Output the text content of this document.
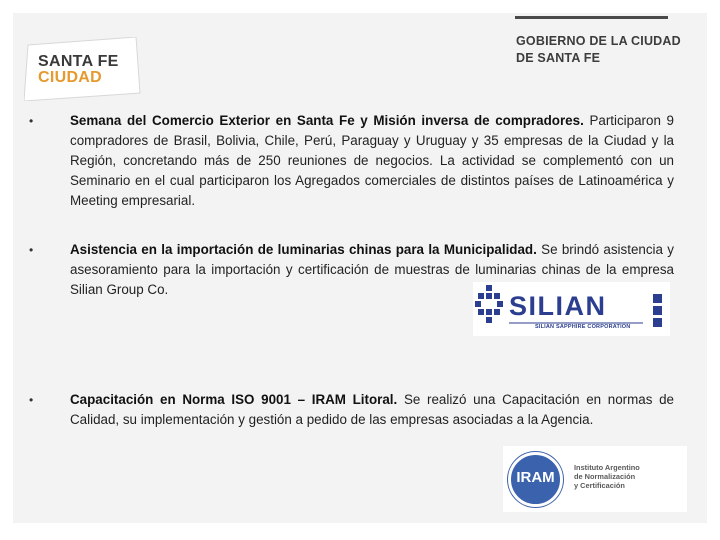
GOBIERNO DE LA CIUDAD
DE SANTA FE
SANTA FE
CIUDAD
•	Semana del Comercio Exterior en Santa Fe y Misión inversa de compradores. Participaron 9 compradores de Brasil, Bolivia, Chile, Perú, Paraguay y Uruguay y 35 empresas de la Ciudad y la Región, concretando más de 250 reuniones de negocios. La actividad se complementó con un Seminario en el cual participaron los Agregados comerciales de distintos países de Latinoamérica y Meeting empresarial.
•	Asistencia en la importación de luminarias chinas para la Municipalidad. Se brindó asistencia y asesoramiento para la importación y certificación de muestras de luminarias chinas de la empresa Silian Group Co.
SILIAN
SILIAN SAPPHIRE CORPORATION
•	Capacitación en Norma ISO 9001 – IRAM Litoral. Se realizó una Capacitación en normas de Calidad, su implementación y gestión a pedido de las empresas asociadas a la Agencia.
IRAM
Instituto Argentino
de Normalización
y Certificación
